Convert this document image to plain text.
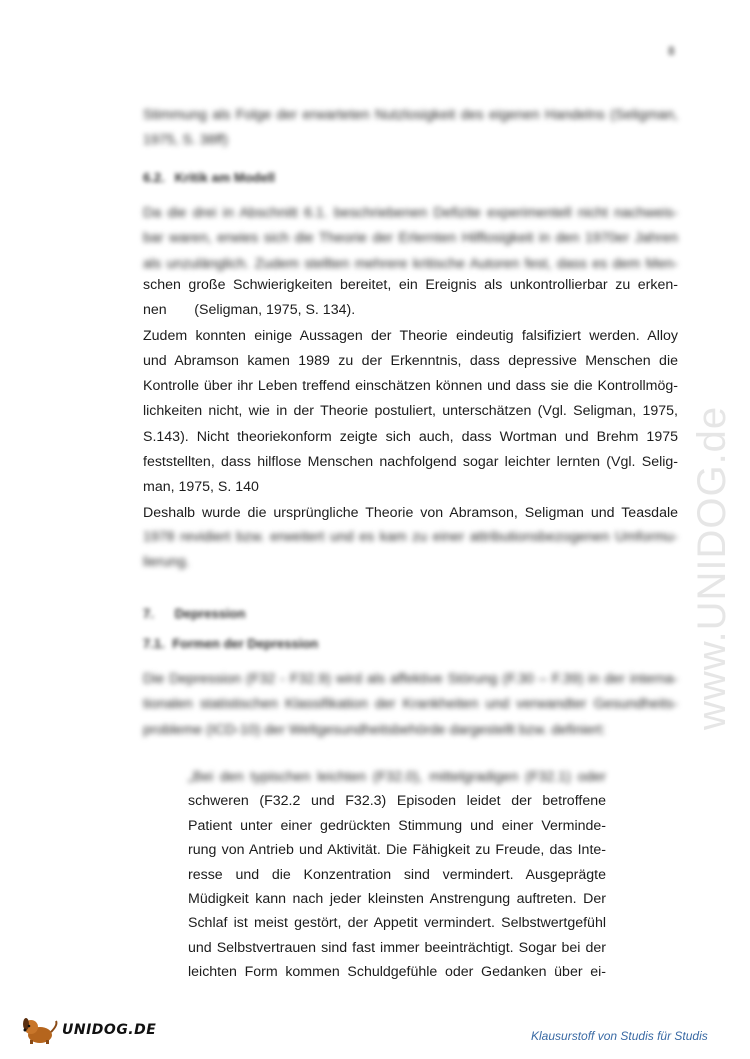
8
Stimmung als Folge der erwarteten Nutzlosigkeit des eigenen Handelns (Seligman,
1975, S. 38ff)
6.2. Kritik am Modell
Da die drei in Abschnitt 6.1. beschriebenen Defizite experimentell nicht nachweis-
bar waren, erwies sich die Theorie der Erlernten Hilflosigkeit in den 1970er Jahren
als unzulänglich. Zudem stellten mehrere kritische Autoren fest, dass es dem Men-
schen große Schwierigkeiten bereitet, ein Ereignis als unkontrollierbar zu erken-
nen       (Seligman, 1975, S. 134).
Zudem konnten einige Aussagen der Theorie eindeutig falsifiziert werden. Alloy
und Abramson kamen 1989 zu der Erkenntnis, dass depressive Menschen die
Kontrolle über ihr Leben treffend einschätzen können und dass sie die Kontrollmög-
lichkeiten nicht, wie in der Theorie postuliert, unterschätzen (Vgl. Seligman, 1975,
S.143). Nicht theoriekonform zeigte sich auch, dass Wortman und Brehm 1975
feststellten, dass hilflose Menschen nachfolgend sogar leichter lernten (Vgl. Selig-
man, 1975, S. 140
Deshalb wurde die ursprüngliche Theorie von Abramson, Seligman und Teasdale
1978 revidiert bzw. erweitert und es kam zu einer attributionsbezogenen Umformu-
lierung.
7. Depression
7.1. Formen der Depression
Die Depression (F32 - F32.9) wird als affektive Störung (F.30 – F.39) in der interna-
tionalen statistischen Klassifikation der Krankheiten und verwandter Gesundheits-
probleme (ICD-10) der Weltgesundheitsbehörde dargestellt bzw. definiert:
„Bei den typischen leichten (F32.0), mittelgradigen (F32.1) oder
schweren (F32.2 und F32.3) Episoden leidet der betroffene
Patient unter einer gedrückten Stimmung und einer Verminde-
rung von Antrieb und Aktivität. Die Fähigkeit zu Freude, das Inte-
resse und die Konzentration sind vermindert. Ausgeprägte
Müdigkeit kann nach jeder kleinsten Anstrengung auftreten. Der
Schlaf ist meist gestört, der Appetit vermindert. Selbstwertgefühl
und Selbstvertrauen sind fast immer beeinträchtigt. Sogar bei der
leichten Form kommen Schuldgefühle oder Gedanken über ei-
www.UNIDOG.de
UNIDOG.DE	Klausurstoff von Studis für Studis
